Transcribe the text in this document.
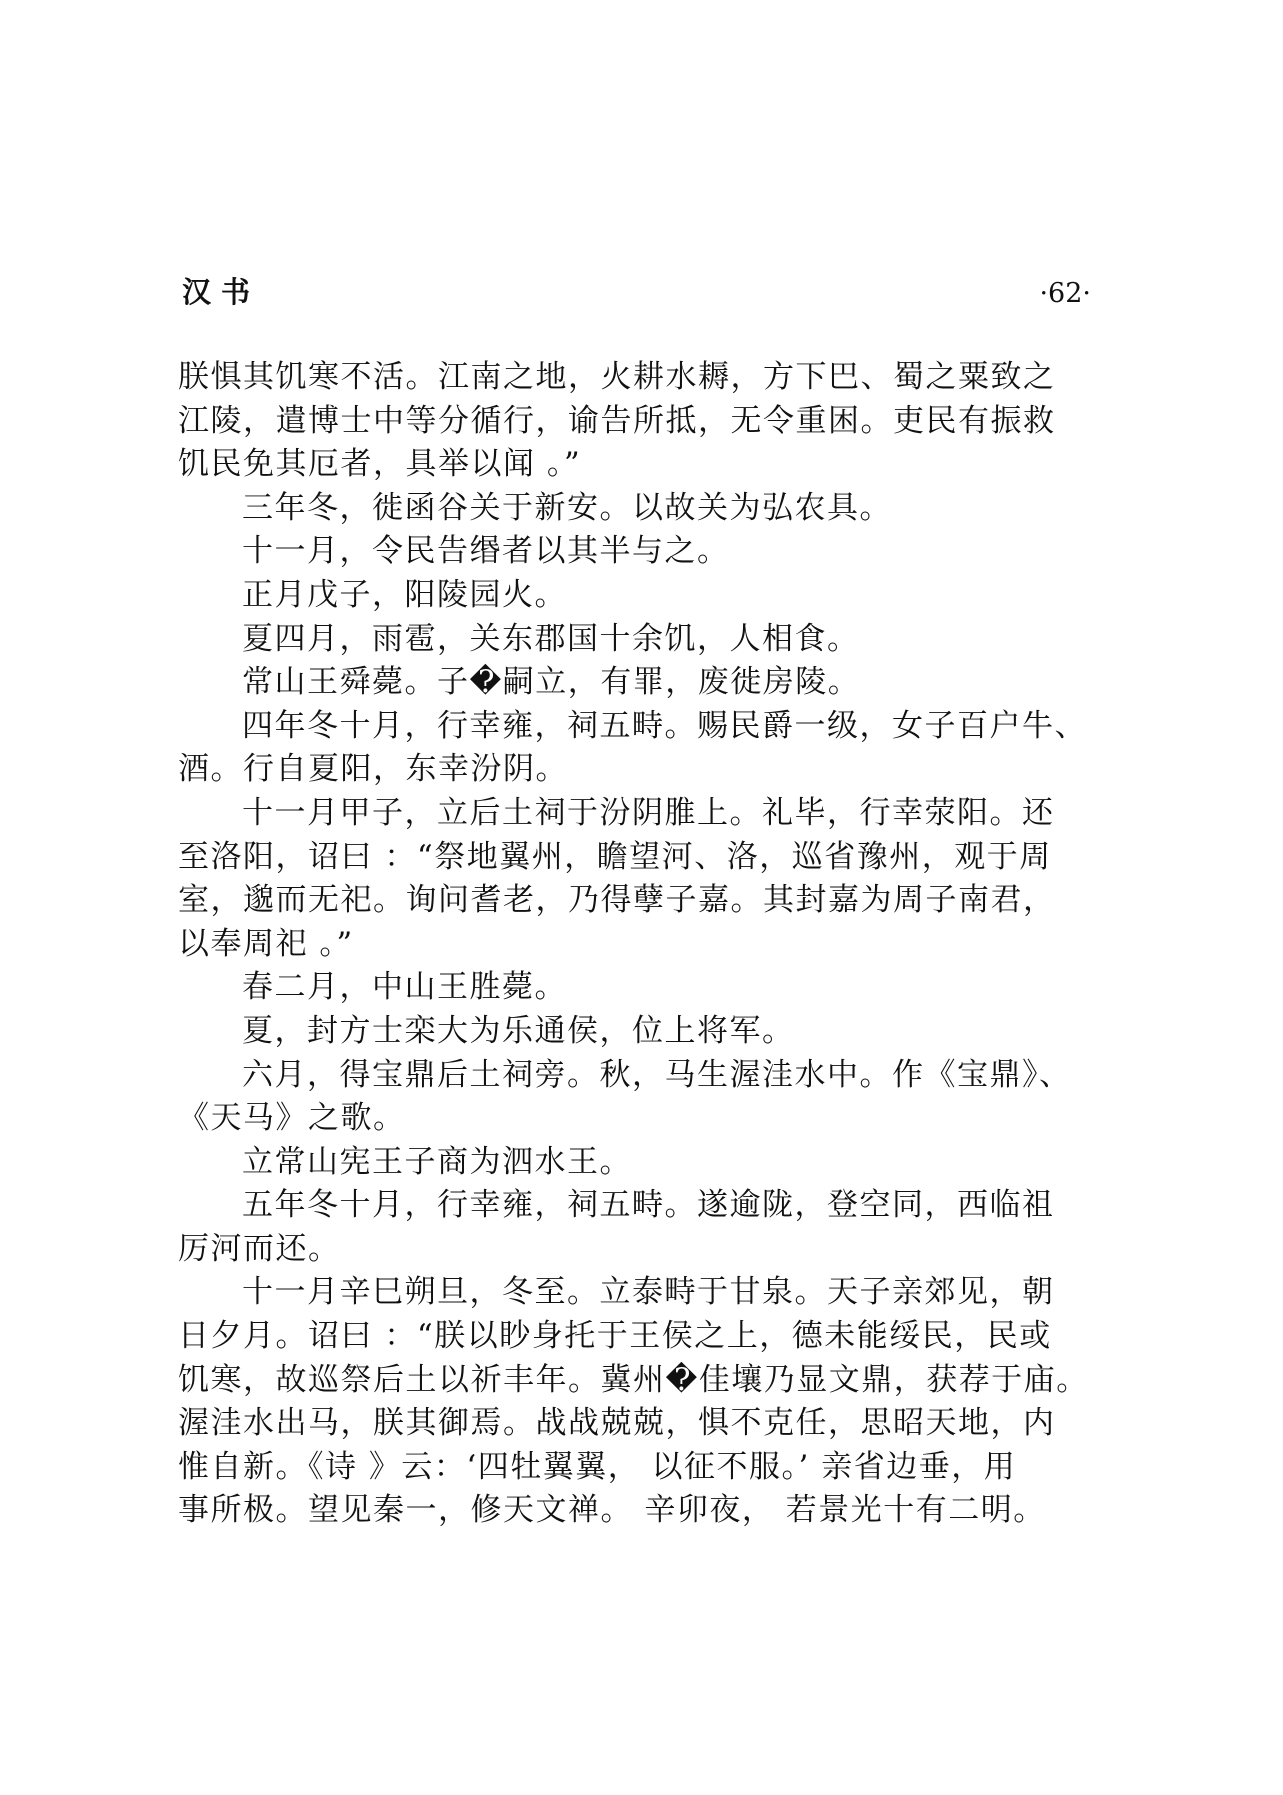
汉书	·62·
朕惧其饥寒不活。江南之地，火耕水耨，方下巴、蜀之粟致之
江陵，遣博士中等分循行，谕告所抵，无令重困。吏民有振救
饥民免其厄者，具举以闻 。”
三年冬，徙函谷关于新安。以故关为弘农具。
十一月，令民告缗者以其半与之。
正月戊子，阳陵园火。
夏四月，雨雹，关东郡国十余饥，人相食。
常山王舜薨。子�嗣立，有罪，废徙房陵。
四年冬十月，行幸雍，祠五畤。赐民爵一级，女子百户牛、
酒。行自夏阳，东幸汾阴。
十一月甲子，立后土祠于汾阴脽上。礼毕，行幸荥阳。还
至洛阳，诏曰 ：“祭地翼州，瞻望河、洛，巡省豫州，观于周
室，邈而无祀。询问耆老，乃得孽子嘉。其封嘉为周子南君，
以奉周祀 。”
春二月，中山王胜薨。
夏，封方士栾大为乐通侯，位上将军。
六月，得宝鼎后土祠旁。秋，马生渥洼水中。作《宝鼎》、
《天马》之歌。
立常山宪王子商为泗水王。
五年冬十月，行幸雍，祠五畤。遂逾陇，登空同，西临祖
厉河而还。
十一月辛巳朔旦，冬至。立泰畤于甘泉。天子亲郊见，朝
日夕月。诏曰 ：“朕以眇身托于王侯之上，德未能绥民，民或
饥寒，故巡祭后土以祈丰年。冀州�佳壤乃显文鼎，获荐于庙。
渥洼水出马，朕其御焉。战战兢兢，惧不克任，思昭天地，内
惟自新。《诗 》云：‘四牡翼翼， 以征不服。’ 亲省边垂，用
事所极。望见秦一，修天文禅。 辛卯夜， 若景光十有二明。
